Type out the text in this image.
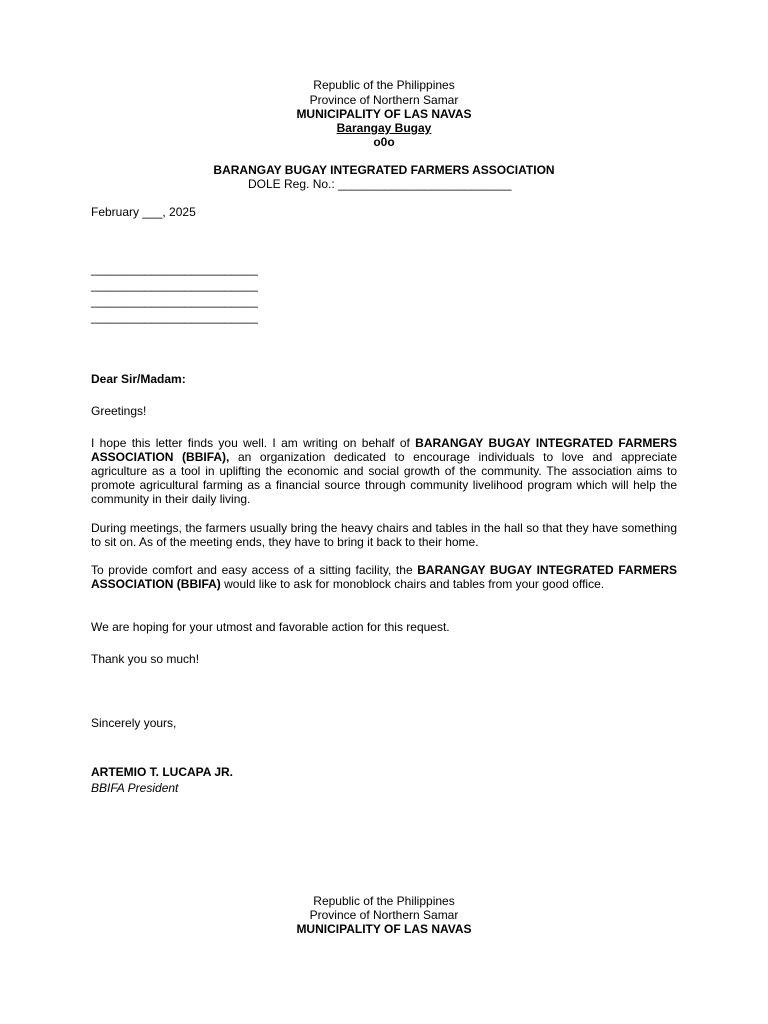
Republic of the Philippines
Province of Northern Samar
MUNICIPALITY OF LAS NAVAS
Barangay Bugay
o0o
BARANGAY BUGAY INTEGRATED FARMERS ASSOCIATION
DOLE Reg. No.: __________________________
February ___, 2025
_________________________
_________________________
_________________________
_________________________
Dear Sir/Madam:
Greetings!
I hope this letter finds you well. I am writing on behalf of BARANGAY BUGAY INTEGRATED FARMERS ASSOCIATION (BBIFA), an organization dedicated to encourage individuals to love and appreciate agriculture as a tool in uplifting the economic and social growth of the community. The association aims to promote agricultural farming as a financial source through community livelihood program which will help the community in their daily living.
During meetings, the farmers usually bring the heavy chairs and tables in the hall so that they have something to sit on. As of the meeting ends, they have to bring it back to their home.
To provide comfort and easy access of a sitting facility, the BARANGAY BUGAY INTEGRATED FARMERS ASSOCIATION (BBIFA) would like to ask for monoblock chairs and tables from your good office.
We are hoping for your utmost and favorable action for this request.
Thank you so much!
Sincerely yours,
ARTEMIO T. LUCAPA JR.
BBIFA President
Republic of the Philippines
Province of Northern Samar
MUNICIPALITY OF LAS NAVAS
